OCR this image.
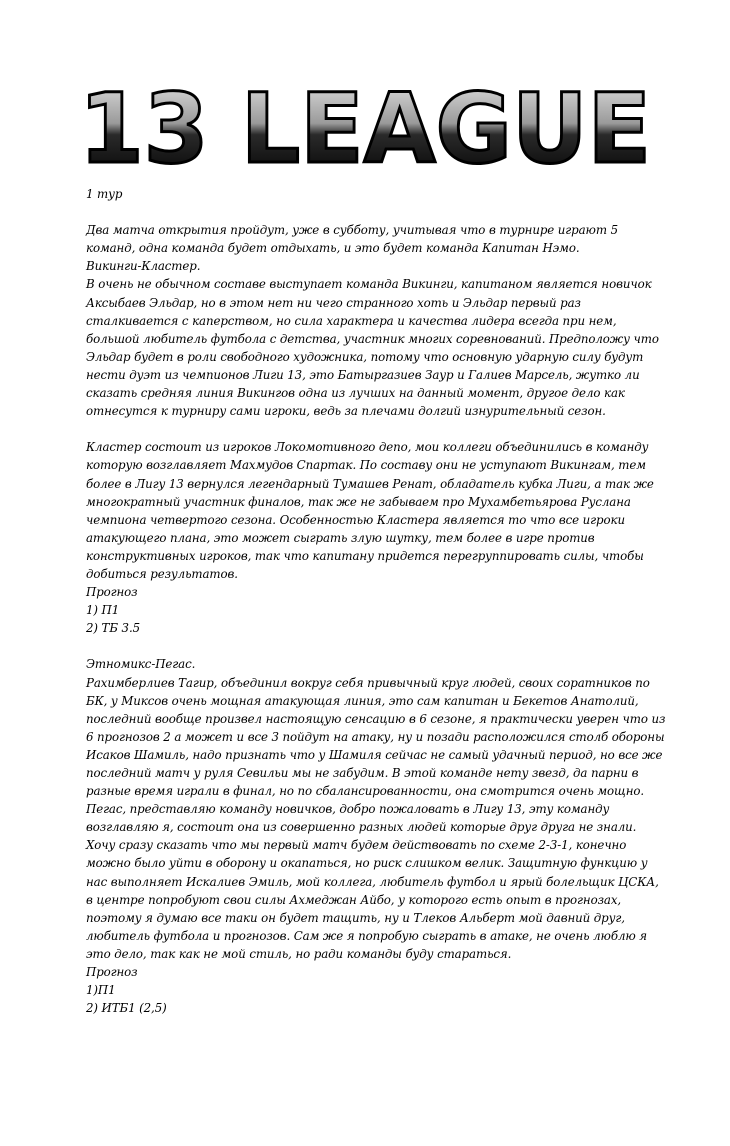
13 LEAGUE

1 тур

Два матча открытия пройдут, уже в субботу, учитывая что в турнире играют 5 команд, одна команда будет отдыхать, и это будет команда Капитан Нэмо.

Викинги-Кластер.

В очень не обычном составе выступает команда Викинги, капитаном является новичок Аксыбаев Эльдар, но в этом нет ни чего странного хоть и Эльдар первый раз сталкивается с каперством, но сила характера и качества лидера всегда при нем, большой любитель футбола с детства, участник многих соревнований. Предположу что Эльдар будет в роли свободного художника, потому что основную ударную силу будут нести дуэт из чемпионов Лиги 13, это Батыргазиев Заур и Галиев Марсель, жутко ли сказать средняя линия Викингов одна из лучших на данный момент, другое дело как отнесутся к турниру сами игроки, ведь за плечами долгий изнурительный сезон.

Кластер состоит из игроков Локомотивного депо, мои коллеги объединились в команду которую возглавляет Махмудов Спартак. По составу они не уступают Викингам, тем более в Лигу 13 вернулся легендарный Тумашев Ренат, обладатель кубка Лиги, а так же многократный участник финалов, так же не забываем про Мухамбетьярова Руслана чемпиона четвертого сезона. Особенностью Кластера является то что все игроки атакующего плана, это может сыграть злую шутку, тем более в игре против конструктивных игроков, так что капитану придется перегруппировать силы, чтобы добиться результатов.

Прогноз

1) П1

2) ТБ 3.5

Этномикс-Пегас.

Рахимберлиев Тагир, объединил вокруг себя привычный круг людей, своих соратников по БК, у Миксов очень мощная атакующая линия, это сам капитан и Бекетов Анатолий, последний вообще произвел настоящую сенсацию в 6 сезоне, я практически уверен что из 6 прогнозов 2 а может и все 3 пойдут на атаку, ну и позади расположился столб обороны Исаков Шамиль, надо признать что у Шамиля сейчас не самый удачный период, но все же последний матч у руля Севильи мы не забудим. В этой команде нету звезд, да парни в разные время играли в финал, но по сбалансированности, она смотрится очень мощно.

Пегас, представляю команду новичков, добро пожаловать в Лигу 13, эту команду возглавляю я, состоит она из совершенно разных людей которые друг друга не знали. Хочу сразу сказать что мы первый матч будем действовать по схеме 2-3-1, конечно можно было уйти в оборону и окапаться, но риск слишком велик. Защитную функцию у нас выполняет Искалиев Эмиль, мой коллега, любитель футбол и ярый болельщик ЦСКА, в центре попробуют свои силы Ахмеджан Айбо, у которого есть опыт в прогнозах, поэтому я думаю все таки он будет тащить, ну и Тлеков Альберт мой давний друг, любитель футбола и прогнозов. Сам же я попробую сыграть в атаке, не очень люблю я это дело, так как не мой стиль, но ради команды буду стараться.

Прогноз

1)П1

2) ИТБ1 (2,5)
